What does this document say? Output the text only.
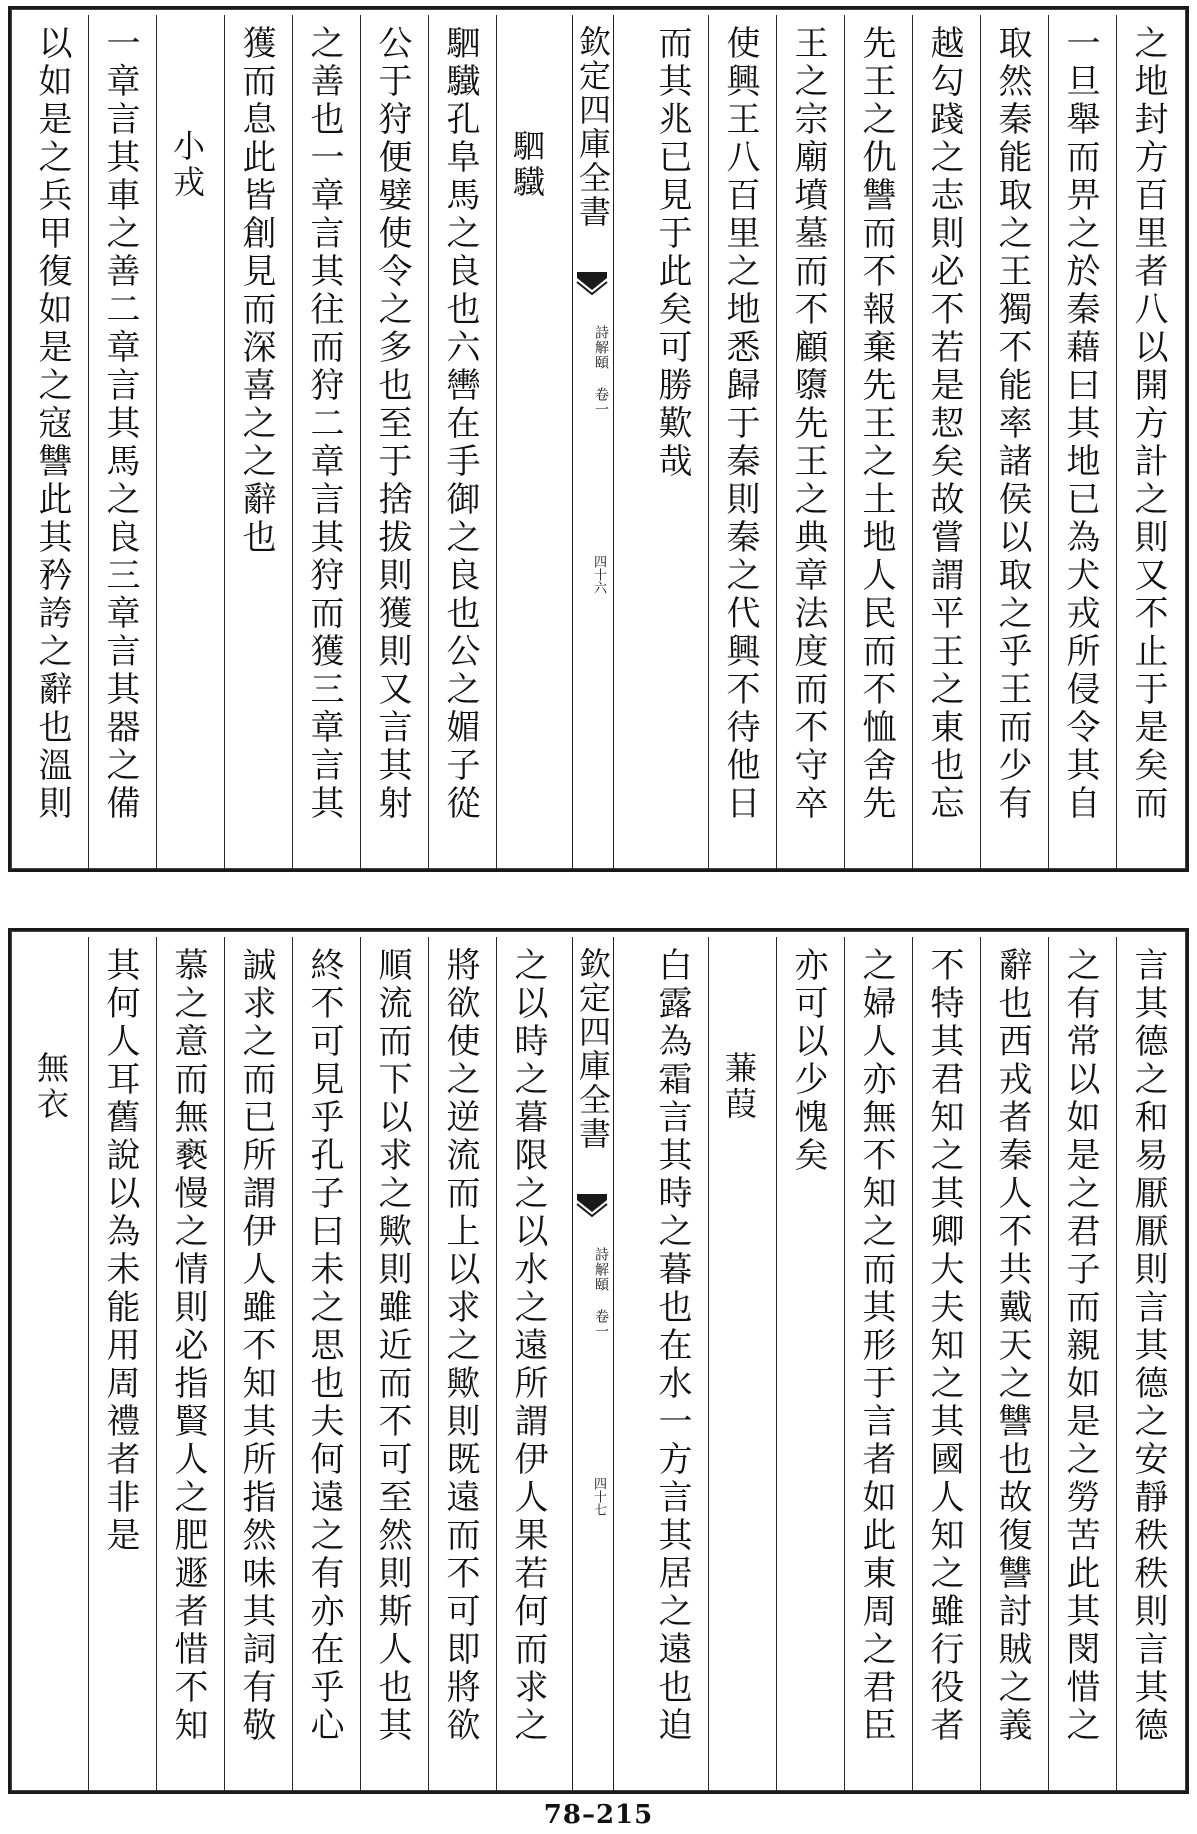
之地封方百里者八以開方計之則又不止于是矣而
一旦舉而畀之於秦藉曰其地已為犬戎所侵令其自
取然秦能取之王獨不能率諸侯以取之乎王而少有
越勾踐之志則必不若是恝矣故嘗謂平王之東也忘
先王之仇讐而不報棄先王之土地人民而不恤舍先
王之宗廟墳墓而不顧隳先王之典章法度而不守卒
使興王八百里之地悉歸于秦則秦之代興不待他日
而其兆已見于此矣可勝歎哉
欽定四庫全書
詩解頤 卷一
四十六
駟驖
駟驖孔阜馬之良也六轡在手御之良也公之媚子從
公于狩便嬖使令之多也至于捨拔則獲則又言其射
之善也一章言其往而狩二章言其狩而獲三章言其
獲而息此皆創見而深喜之之辭也
小戎
一章言其車之善二章言其馬之良三章言其器之備
以如是之兵甲復如是之寇讐此其矜誇之辭也溫則
言其德之和易厭厭則言其德之安靜秩秩則言其德
之有常以如是之君子而親如是之勞苦此其閔惜之
辭也西戎者秦人不共戴天之讐也故復讐討賊之義
不特其君知之其卿大夫知之其國人知之雖行役者
之婦人亦無不知之而其形于言者如此東周之君臣
亦可以少愧矣
蒹葭
白露為霜言其時之暮也在水一方言其居之遠也迫
欽定四庫全書
詩解頤 卷一
四十七
之以時之暮限之以水之遠所謂伊人果若何而求之
將欲使之逆流而上以求之歟則既遠而不可即將欲
順流而下以求之歟則雖近而不可至然則斯人也其
終不可見乎孔子曰未之思也夫何遠之有亦在乎心
誠求之而已所謂伊人雖不知其所指然味其詞有敬
慕之意而無褻慢之情則必指賢人之肥遯者惜不知
其何人耳舊說以為未能用周禮者非是
無衣
78–215
